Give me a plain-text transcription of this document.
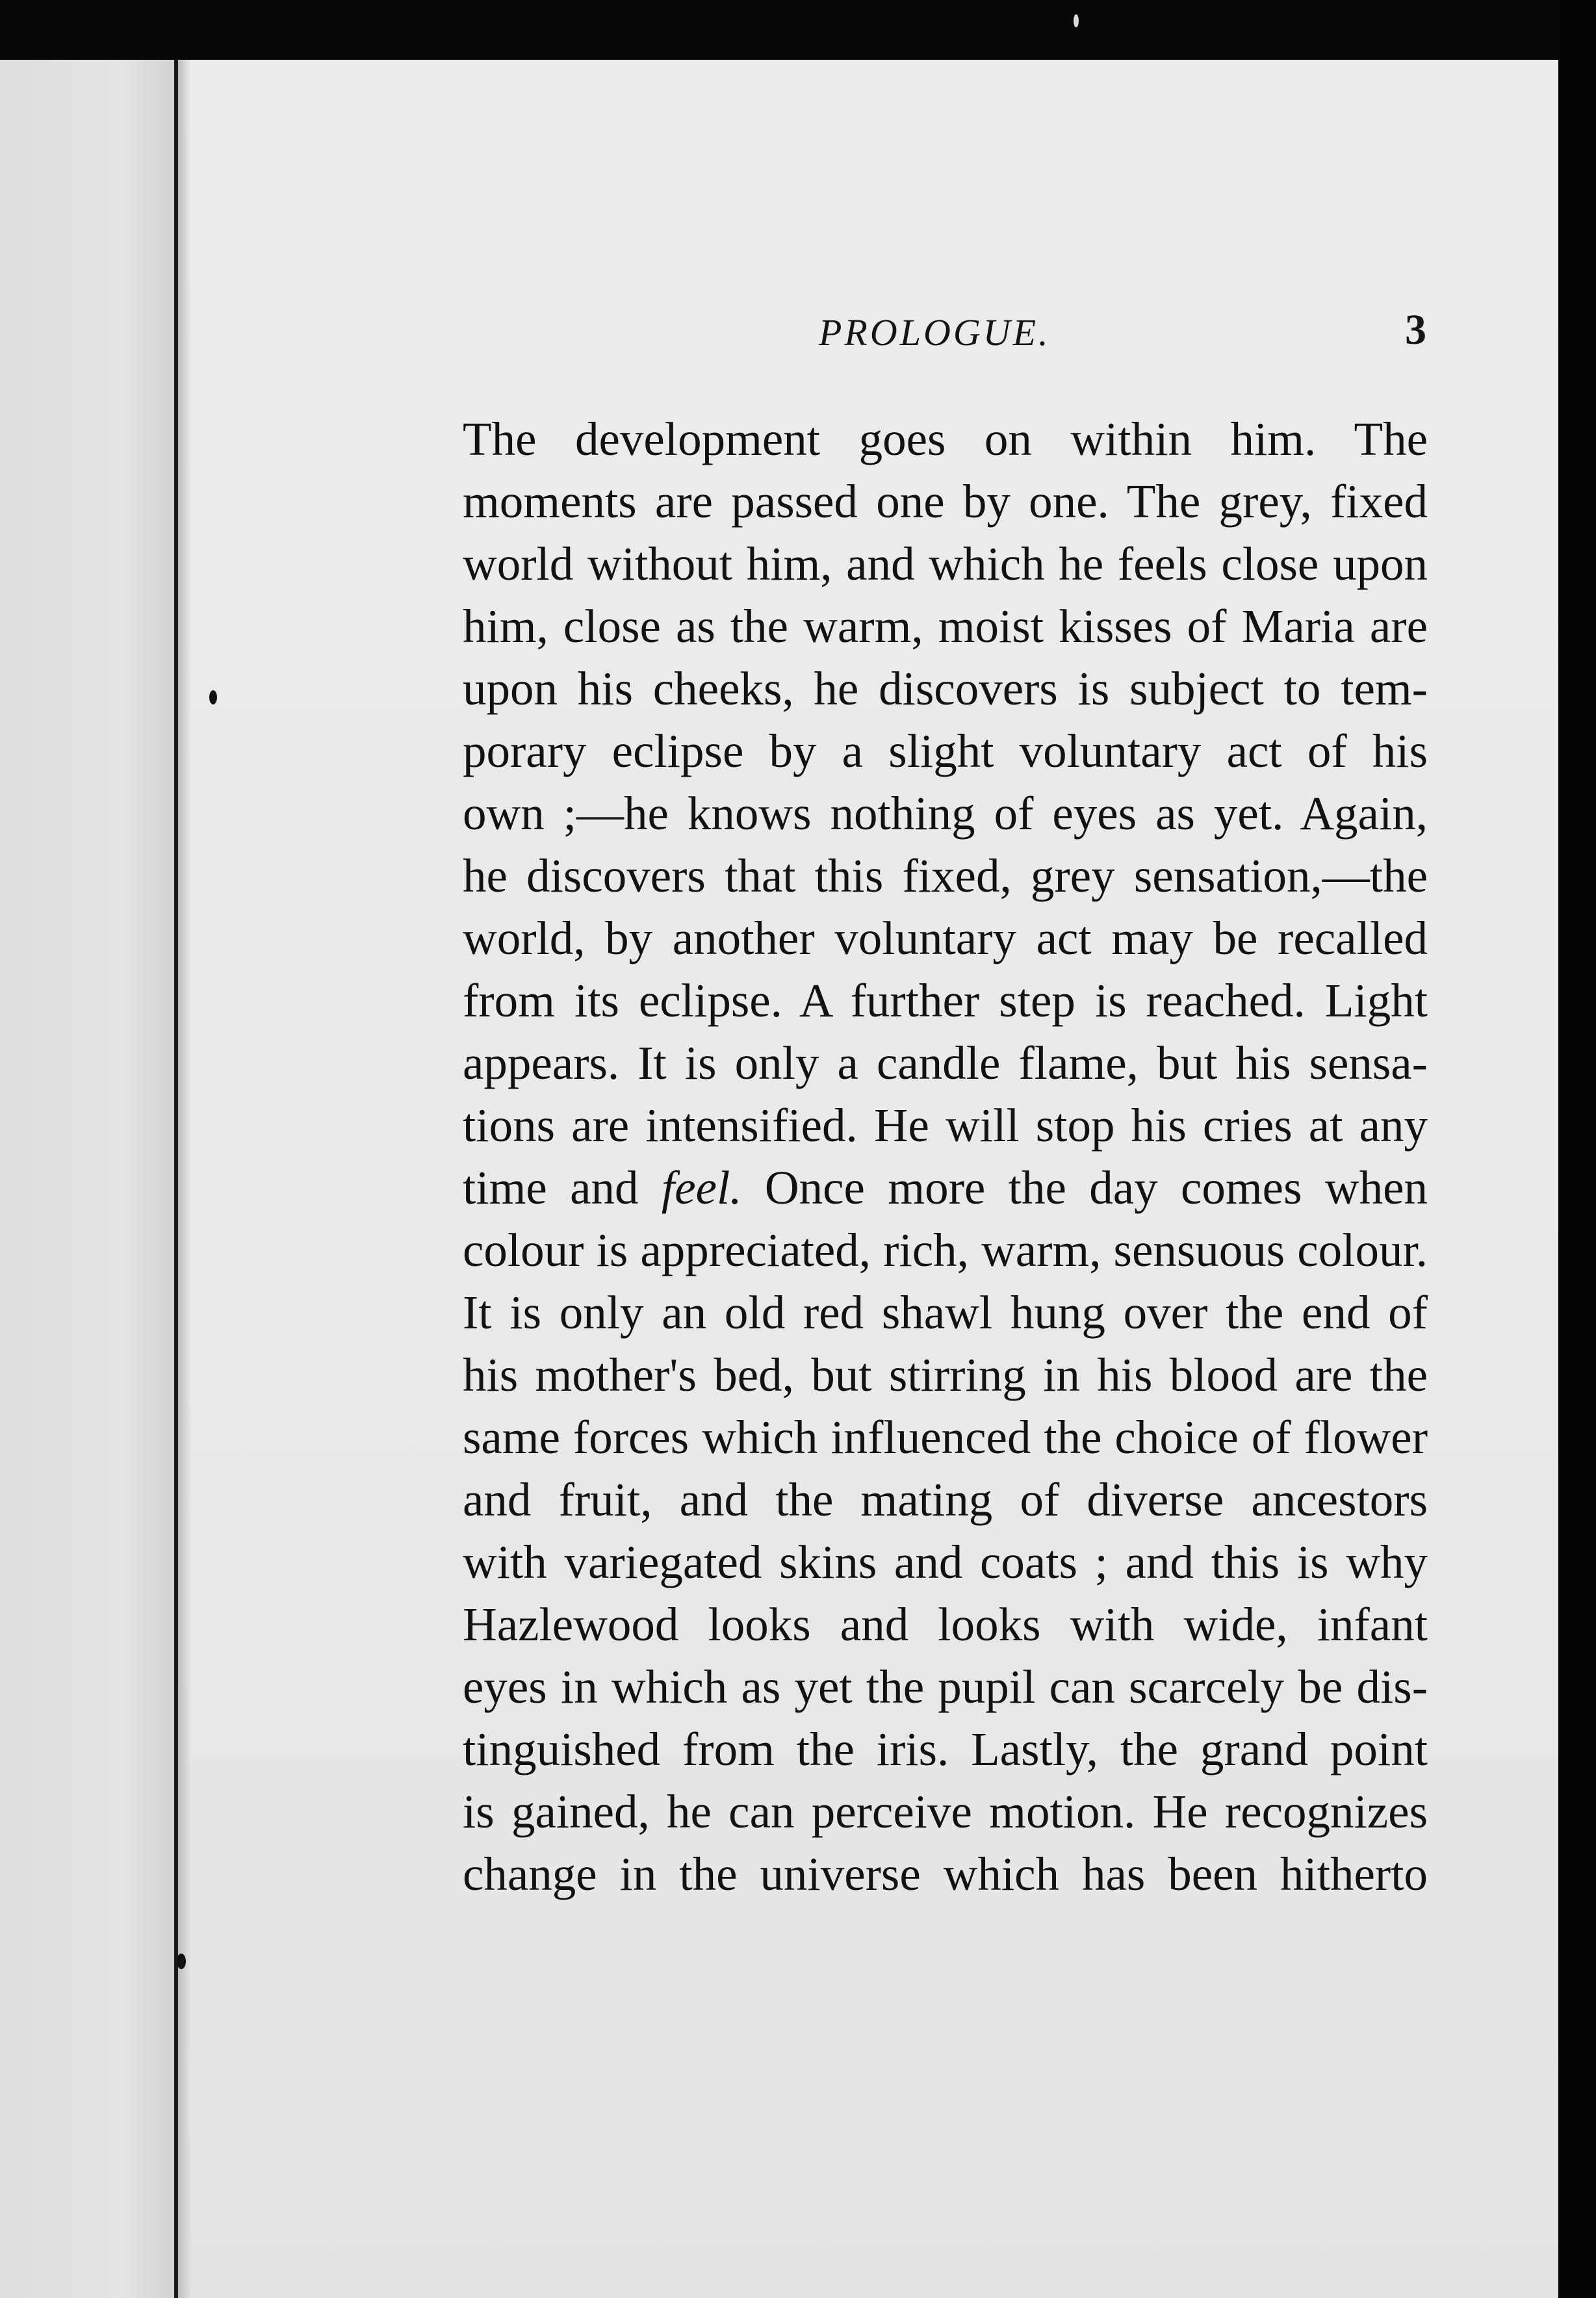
PROLOGUE.	3
The development goes on within him. The
moments are passed one by one. The grey, fixed
world without him, and which he feels close upon
him, close as the warm, moist kisses of Maria are
upon his cheeks, he discovers is subject to tem-
porary eclipse by a slight voluntary act of his
own ;—he knows nothing of eyes as yet. Again,
he discovers that this fixed, grey sensation,—the
world, by another voluntary act may be recalled
from its eclipse. A further step is reached. Light
appears. It is only a candle flame, but his sensa-
tions are intensified. He will stop his cries at any
time and feel. Once more the day comes when
colour is appreciated, rich, warm, sensuous colour.
It is only an old red shawl hung over the end of
his mother's bed, but stirring in his blood are the
same forces which influenced the choice of flower
and fruit, and the mating of diverse ancestors
with variegated skins and coats ; and this is why
Hazlewood looks and looks with wide, infant
eyes in which as yet the pupil can scarcely be dis-
tinguished from the iris. Lastly, the grand point
is gained, he can perceive motion. He recognizes
change in the universe which has been hitherto
